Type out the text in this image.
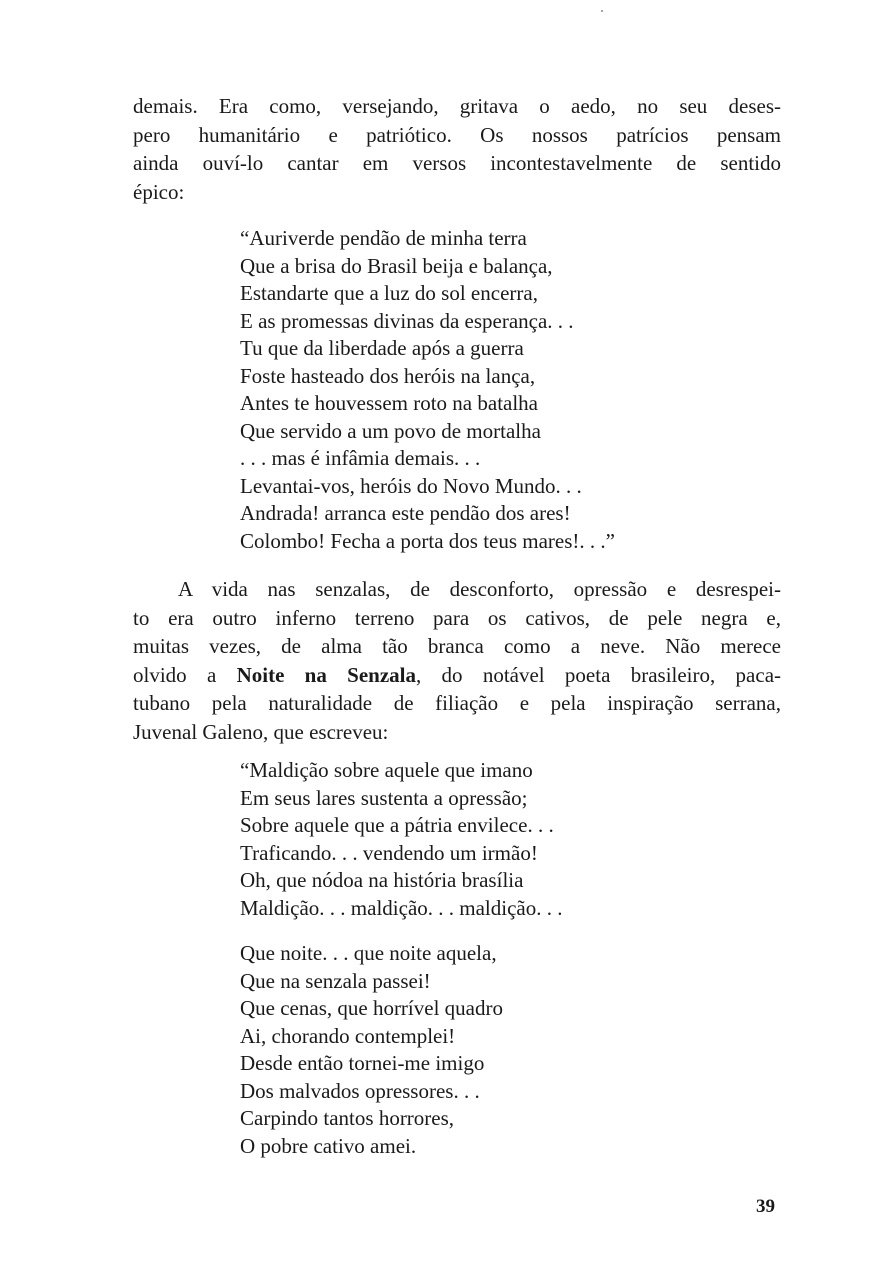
demais. Era como, versejando, gritava o aedo, no seu deses-
pero humanitário e patriótico. Os nossos patrícios pensam
ainda ouví-lo cantar em versos incontestavelmente de sentido
épico:
“Auriverde pendão de minha terra
Que a brisa do Brasil beija e balança,
Estandarte que a luz do sol encerra,
E as promessas divinas da esperança. . .
Tu que da liberdade após a guerra
Foste hasteado dos heróis na lança,
Antes te houvessem roto na batalha
Que servido a um povo de mortalha
. . . mas é infâmia demais. . .
Levantai-vos, heróis do Novo Mundo. . .
Andrada! arranca este pendão dos ares!
Colombo! Fecha a porta dos teus mares!. . .”
A vida nas senzalas, de desconforto, opressão e desrespei-
to era outro inferno terreno para os cativos, de pele negra e,
muitas vezes, de alma tão branca como a neve. Não merece
olvido a Noite na Senzala, do notável poeta brasileiro, paca-
tubano pela naturalidade de filiação e pela inspiração serrana,
Juvenal Galeno, que escreveu:
“Maldição sobre aquele que imano
Em seus lares sustenta a opressão;
Sobre aquele que a pátria envilece. . .
Traficando. . . vendendo um irmão!
Oh, que nódoa na história brasília
Maldição. . . maldição. . . maldição. . .
Que noite. . . que noite aquela,
Que na senzala passei!
Que cenas, que horrível quadro
Ai, chorando contemplei!
Desde então tornei-me imigo
Dos malvados opressores. . .
Carpindo tantos horrores,
O pobre cativo amei.
39
